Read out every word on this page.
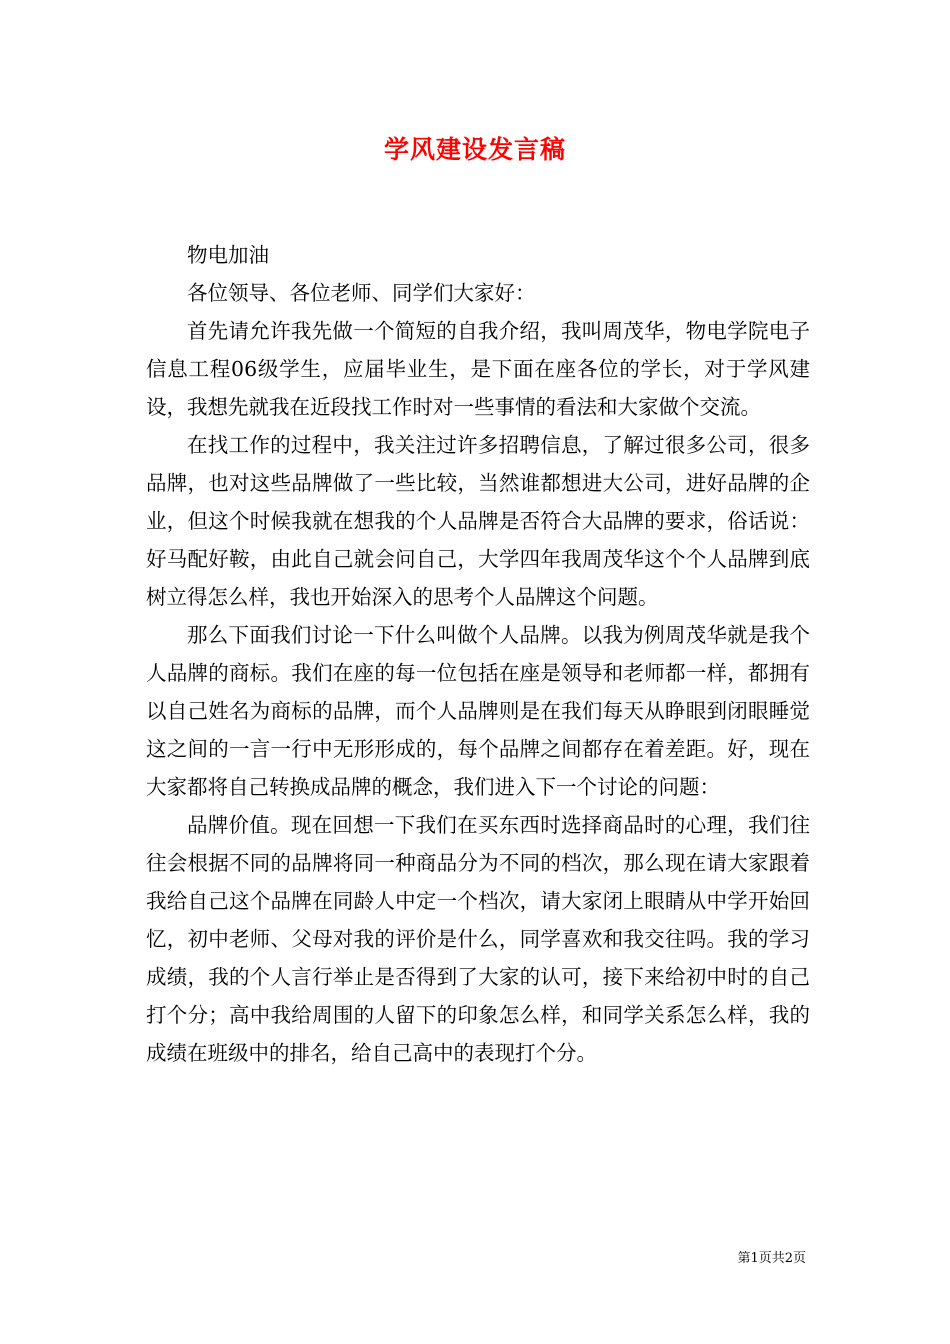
学风建设发言稿

物电加油

各位领导、各位老师、同学们大家好：

首先请允许我先做一个简短的自我介绍，我叫周茂华，物电学院电子信息工程06级学生，应届毕业生，是下面在座各位的学长，对于学风建设，我想先就我在近段找工作时对一些事情的看法和大家做个交流。

在找工作的过程中，我关注过许多招聘信息，了解过很多公司，很多品牌，也对这些品牌做了一些比较，当然谁都想进大公司，进好品牌的企业，但这个时候我就在想我的个人品牌是否符合大品牌的要求，俗话说：好马配好鞍，由此自己就会问自己，大学四年我周茂华这个个人品牌到底树立得怎么样，我也开始深入的思考个人品牌这个问题。

那么下面我们讨论一下什么叫做个人品牌。以我为例周茂华就是我个人品牌的商标。我们在座的每一位包括在座是领导和老师都一样，都拥有以自己姓名为商标的品牌，而个人品牌则是在我们每天从睁眼到闭眼睡觉这之间的一言一行中无形形成的，每个品牌之间都存在着差距。好，现在大家都将自己转换成品牌的概念，我们进入下一个讨论的问题：

品牌价值。现在回想一下我们在买东西时选择商品时的心理，我们往往会根据不同的品牌将同一种商品分为不同的档次，那么现在请大家跟着我给自己这个品牌在同龄人中定一个档次，请大家闭上眼睛从中学开始回忆，初中老师、父母对我的评价是什么，同学喜欢和我交往吗。我的学习成绩，我的个人言行举止是否得到了大家的认可，接下来给初中时的自己打个分；高中我给周围的人留下的印象怎么样，和同学关系怎么样，我的成绩在班级中的排名，给自己高中的表现打个分。

第1页共2页
